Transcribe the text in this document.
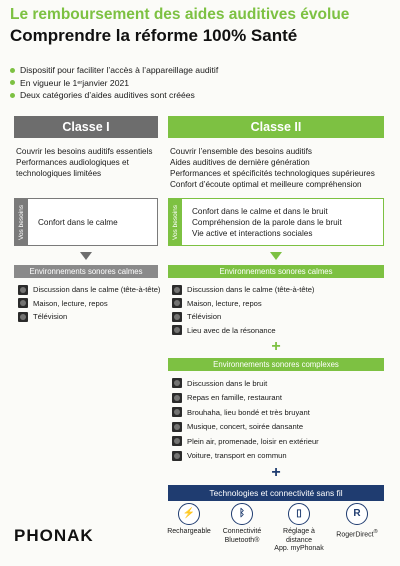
Le remboursement des aides auditives évolue
Comprendre la réforme 100% Santé
Dispositif pour faciliter l’accès à l’appareillage auditif
En vigueur le 1 er janvier 2021
Deux catégories d’aides auditives sont créées
Classe I	Classe II
Couvrir les besoins auditifs essentiels
Performances audiologiques et
technologiques limitées
Couvrir l’ensemble des besoins auditifs
Aides auditives de dernière génération
Performances et spécificités technologiques supérieures
Confort d’écoute optimal et meilleure compréhension
Vos besoins Confort dans le calme	Vos besoins Confort dans le calme et dans le bruit
Compréhension de la parole dans le bruit
Vie active et interactions sociales
Environnements sonores calmes	Environnements sonores calmes
Discussion dans le calme (tête-à-tête)
Maison, lecture, repos
Télévision
Discussion dans le calme (tête-à-tête)
Maison, lecture, repos
Télévision
Lieu avec de la résonance
+
Environnements sonores complexes
Discussion dans le bruit
Repas en famille, restaurant
Brouhaha, lieu bondé et très bruyant
Musique, concert, soirée dansante
Plein air, promenade, loisir en extérieur
Voiture, transport en commun
+
Technologies et connectivité sans fil
⚡
Rechargeable
ᛒ
Connectivité
Bluetooth®
▯
Réglage à distance
App. myPhonak
R
RogerDirect®
PHONAK
